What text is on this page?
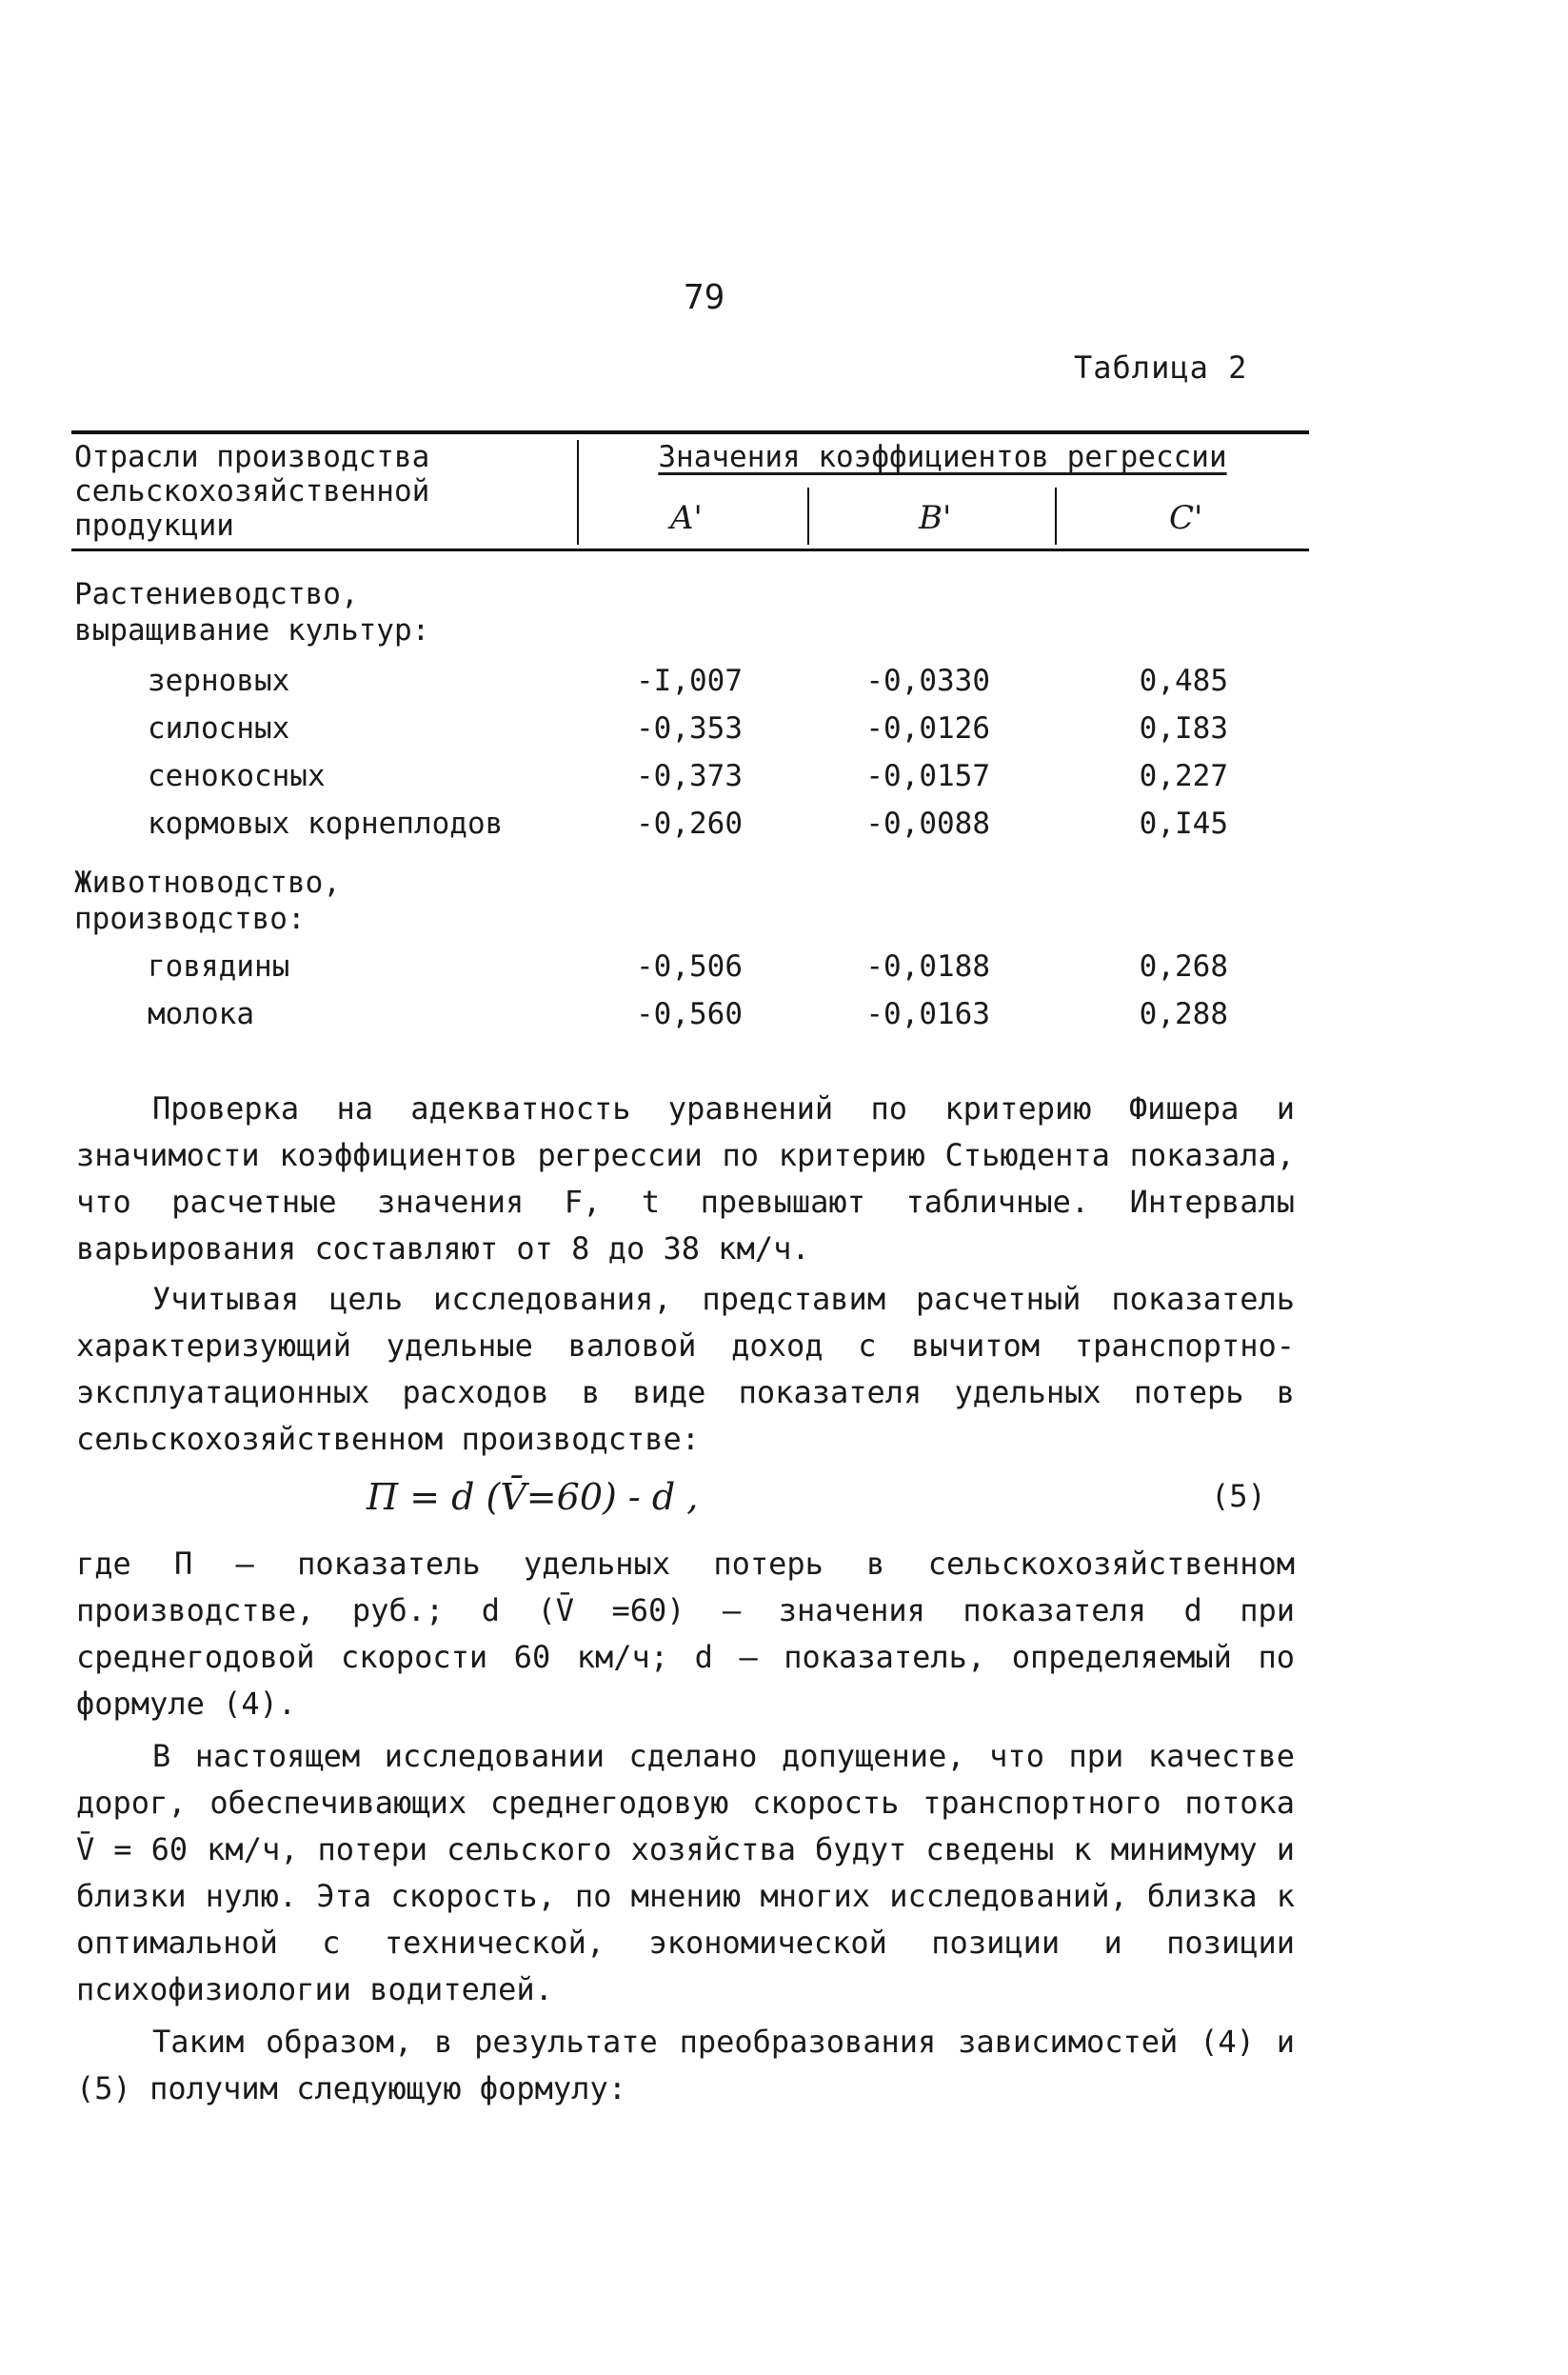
79
Таблица 2
Отрасли производства
сельскохозяйственной
продукции
Значения коэффициентов регрессии
A'	B'	C'
Растениеводство, выращивание культур:
зерновых	-I,007	-0,0330	0,485
силосных	-0,353	-0,0126	0,I83
сенокосных	-0,373	-0,0157	0,227
кормовых корнеплодов	-0,260	-0,0088	0,I45
Животноводство, производство:
говядины	-0,506	-0,0188	0,268
молока	-0,560	-0,0163	0,288
Проверка на адекватность уравнений по критерию Фишера и значимости коэффициентов регрессии по критерию Стьюдента показала, что расчетные значения F, t превышают табличные. Интервалы варьирования составляют от 8 до 38 км/ч.
Учитывая цель исследования, представим расчетный показатель характеризующий удельные валовой доход с вычитом транспортно-эксплуатационных расходов в виде показателя удельных потерь в сельскохозяйственном производстве:
П = d (V̄=60) - d ,	(5)
где П – показатель удельных потерь в сельскохозяйственном производстве, руб.; d (V̄ =60) – значения показателя d при среднегодовой скорости 60 км/ч; d – показатель, определяемый по формуле (4).
В настоящем исследовании сделано допущение, что при качестве дорог, обеспечивающих среднегодовую скорость транспортного потока V̄ = 60 км/ч, потери сельского хозяйства будут сведены к минимуму и близки нулю. Эта скорость, по мнению многих исследований, близка к оптимальной с технической, экономической позиции и позиции психофизиологии водителей.
Таким образом, в результате преобразования зависимостей (4) и (5) получим следующую формулу:
